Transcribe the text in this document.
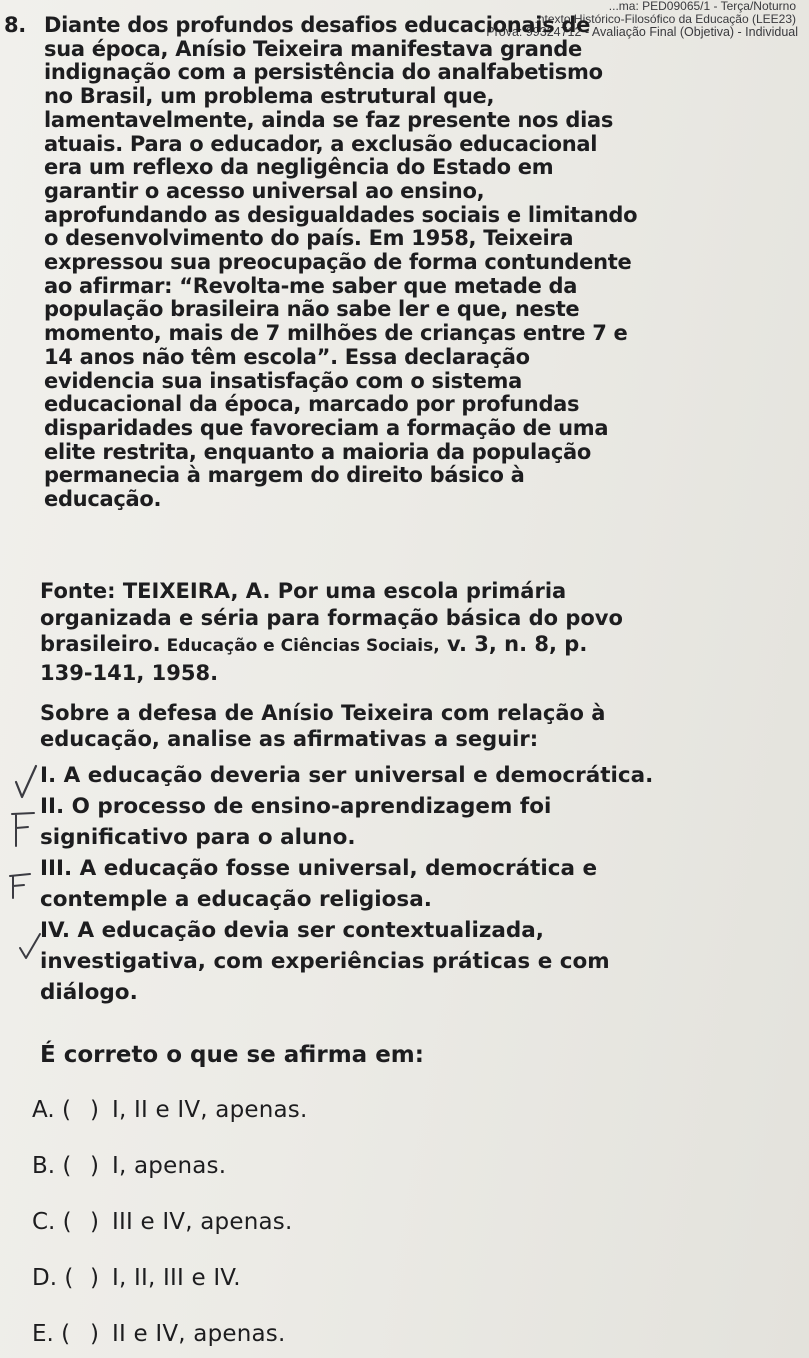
...ma: PED09065/1 - Terça/Noturno
...ntexto Histórico-Filosófico da Educação (LEE23)
Prova: 99324712 - Avaliação Final (Objetiva) - Individual
8. Diante dos profundos desafios educacionais de

sua época, Anísio Teixeira manifestava grande

indignação com a persistência do analfabetismo

no Brasil, um problema estrutural que,

lamentavelmente, ainda se faz presente nos dias

atuais. Para o educador, a exclusão educacional

era um reflexo da negligência do Estado em

garantir o acesso universal ao ensino,

aprofundando as desigualdades sociais e limitando

o desenvolvimento do país. Em 1958, Teixeira

expressou sua preocupação de forma contundente

ao afirmar: “Revolta-me saber que metade da

população brasileira não sabe ler e que, neste

momento, mais de 7 milhões de crianças entre 7 e

14 anos não têm escola”. Essa declaração

evidencia sua insatisfação com o sistema

educacional da época, marcado por profundas

disparidades que favoreciam a formação de uma

elite restrita, enquanto a maioria da população

permanecia à margem do direito básico à

educação.

Fonte: TEIXEIRA, A. Por uma escola primária

organizada e séria para formação básica do povo

brasileiro. Educação e Ciências Sociais, v. 3, n. 8, p.

139-141, 1958.

Sobre a defesa de Anísio Teixeira com relação à

educação, analise as afirmativas a seguir:

I. A educação deveria ser universal e democrática.

II. O processo de ensino-aprendizagem foi

significativo para o aluno.

III. A educação fosse universal, democrática e

contemple a educação religiosa.

IV. A educação devia ser contextualizada,

investigativa, com experiências práticas e com

diálogo.

É correto o que se afirma em:
A. ( ) I, II e IV, apenas.
B. ( ) I, apenas.
C. ( ) III e IV, apenas.
D. ( ) I, II, III e IV.
E. ( ) II e IV, apenas.
